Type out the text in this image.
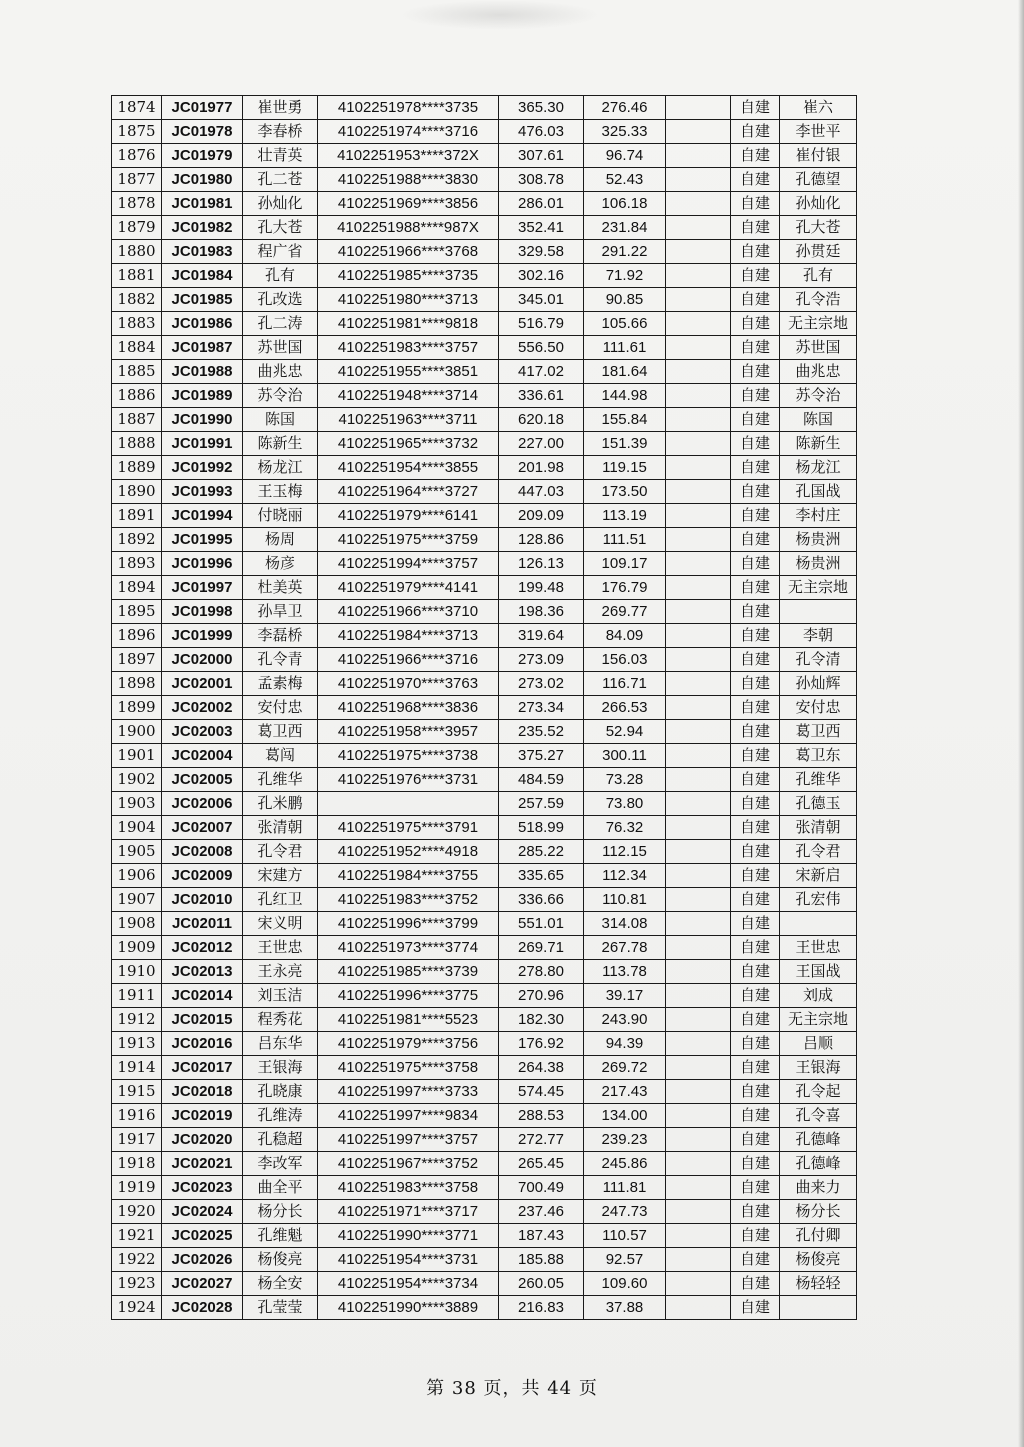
1874	JC01977	崔世勇	4102251978****3735	365.30	276.46		自建	崔六
1875	JC01978	李春桥	4102251974****3716	476.03	325.33		自建	李世平
1876	JC01979	壮青英	4102251953****372X	307.61	96.74		自建	崔付银
1877	JC01980	孔二苍	4102251988****3830	308.78	52.43		自建	孔德望
1878	JC01981	孙灿化	4102251969****3856	286.01	106.18		自建	孙灿化
1879	JC01982	孔大苍	4102251988****987X	352.41	231.84		自建	孔大苍
1880	JC01983	程广省	4102251966****3768	329.58	291.22		自建	孙贯廷
1881	JC01984	孔有	4102251985****3735	302.16	71.92		自建	孔有
1882	JC01985	孔改选	4102251980****3713	345.01	90.85		自建	孔令浩
1883	JC01986	孔二涛	4102251981****9818	516.79	105.66		自建	无主宗地
1884	JC01987	苏世国	4102251983****3757	556.50	111.61		自建	苏世国
1885	JC01988	曲兆忠	4102251955****3851	417.02	181.64		自建	曲兆忠
1886	JC01989	苏令治	4102251948****3714	336.61	144.98		自建	苏令治
1887	JC01990	陈国	4102251963****3711	620.18	155.84		自建	陈国
1888	JC01991	陈新生	4102251965****3732	227.00	151.39		自建	陈新生
1889	JC01992	杨龙江	4102251954****3855	201.98	119.15		自建	杨龙江
1890	JC01993	王玉梅	4102251964****3727	447.03	173.50		自建	孔国战
1891	JC01994	付晓丽	4102251979****6141	209.09	113.19		自建	李村庄
1892	JC01995	杨周	4102251975****3759	128.86	111.51		自建	杨贵洲
1893	JC01996	杨彦	4102251994****3757	126.13	109.17		自建	杨贵洲
1894	JC01997	杜美英	4102251979****4141	199.48	176.79		自建	无主宗地
1895	JC01998	孙旱卫	4102251966****3710	198.36	269.77		自建	
1896	JC01999	李磊桥	4102251984****3713	319.64	84.09		自建	李朝
1897	JC02000	孔令青	4102251966****3716	273.09	156.03		自建	孔令清
1898	JC02001	孟素梅	4102251970****3763	273.02	116.71		自建	孙灿辉
1899	JC02002	安付忠	4102251968****3836	273.34	266.53		自建	安付忠
1900	JC02003	葛卫西	4102251958****3957	235.52	52.94		自建	葛卫西
1901	JC02004	葛闯	4102251975****3738	375.27	300.11		自建	葛卫东
1902	JC02005	孔维华	4102251976****3731	484.59	73.28		自建	孔维华
1903	JC02006	孔米鹏		257.59	73.80		自建	孔德玉
1904	JC02007	张清朝	4102251975****3791	518.99	76.32		自建	张清朝
1905	JC02008	孔令君	4102251952****4918	285.22	112.15		自建	孔令君
1906	JC02009	宋建方	4102251984****3755	335.65	112.34		自建	宋新启
1907	JC02010	孔红卫	4102251983****3752	336.66	110.81		自建	孔宏伟
1908	JC02011	宋义明	4102251996****3799	551.01	314.08		自建	
1909	JC02012	王世忠	4102251973****3774	269.71	267.78		自建	王世忠
1910	JC02013	王永亮	4102251985****3739	278.80	113.78		自建	王国战
1911	JC02014	刘玉洁	4102251996****3775	270.96	39.17		自建	刘成
1912	JC02015	程秀花	4102251981****5523	182.30	243.90		自建	无主宗地
1913	JC02016	吕东华	4102251979****3756	176.92	94.39		自建	吕顺
1914	JC02017	王银海	4102251975****3758	264.38	269.72		自建	王银海
1915	JC02018	孔晓康	4102251997****3733	574.45	217.43		自建	孔令起
1916	JC02019	孔维涛	4102251997****9834	288.53	134.00		自建	孔令喜
1917	JC02020	孔稳超	4102251997****3757	272.77	239.23		自建	孔德峰
1918	JC02021	李改军	4102251967****3752	265.45	245.86		自建	孔德峰
1919	JC02023	曲全平	4102251983****3758	700.49	111.81		自建	曲来力
1920	JC02024	杨分长	4102251971****3717	237.46	247.73		自建	杨分长
1921	JC02025	孔维魁	4102251990****3771	187.43	110.57		自建	孔付卿
1922	JC02026	杨俊亮	4102251954****3731	185.88	92.57		自建	杨俊亮
1923	JC02027	杨全安	4102251954****3734	260.05	109.60		自建	杨轻轻
1924	JC02028	孔莹莹	4102251990****3889	216.83	37.88		自建	
第 38 页，共 44 页
